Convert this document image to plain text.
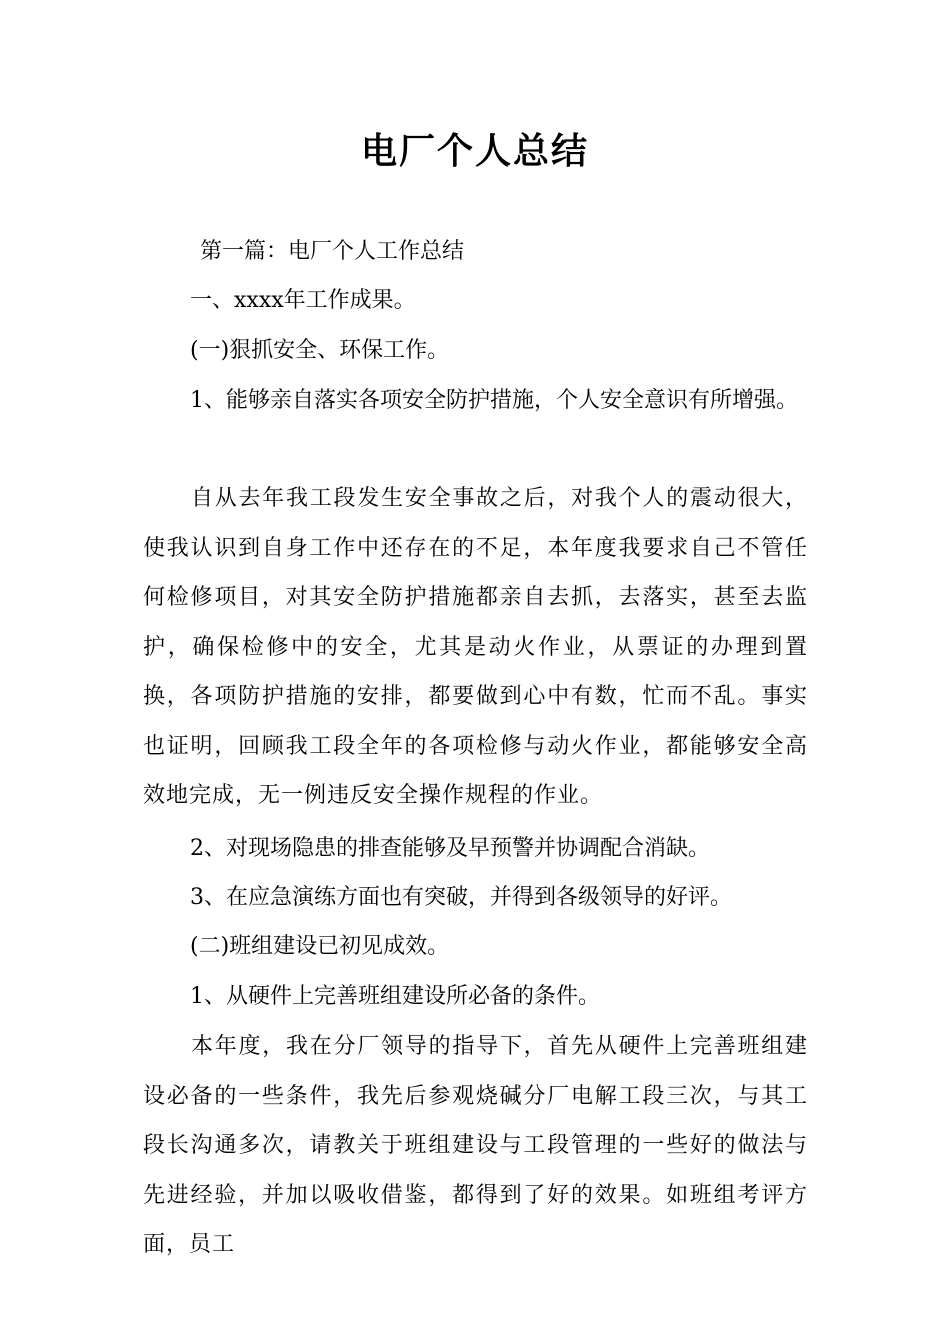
电厂个人总结
第一篇：电厂个人工作总结
一、xxxx年工作成果。
(一)狠抓安全、环保工作。
1、能够亲自落实各项安全防护措施，个人安全意识有所增强。
自从去年我工段发生安全事故之后，对我个人的震动很大，使我认识到自身工作中还存在的不足，本年度我要求自己不管任何检修项目，对其安全防护措施都亲自去抓，去落实，甚至去监护，确保检修中的安全，尤其是动火作业，从票证的办理到置换，各项防护措施的安排，都要做到心中有数，忙而不乱。事实也证明，回顾我工段全年的各项检修与动火作业，都能够安全高效地完成，无一例违反安全操作规程的作业。
2、对现场隐患的排查能够及早预警并协调配合消缺。
3、在应急演练方面也有突破，并得到各级领导的好评。
(二)班组建设已初见成效。
1、从硬件上完善班组建设所必备的条件。
本年度，我在分厂领导的指导下，首先从硬件上完善班组建设必备的一些条件，我先后参观烧碱分厂电解工段三次，与其工段长沟通多次，请教关于班组建设与工段管理的一些好的做法与先进经验，并加以吸收借鉴，都得到了好的效果。如班组考评方面，员工
